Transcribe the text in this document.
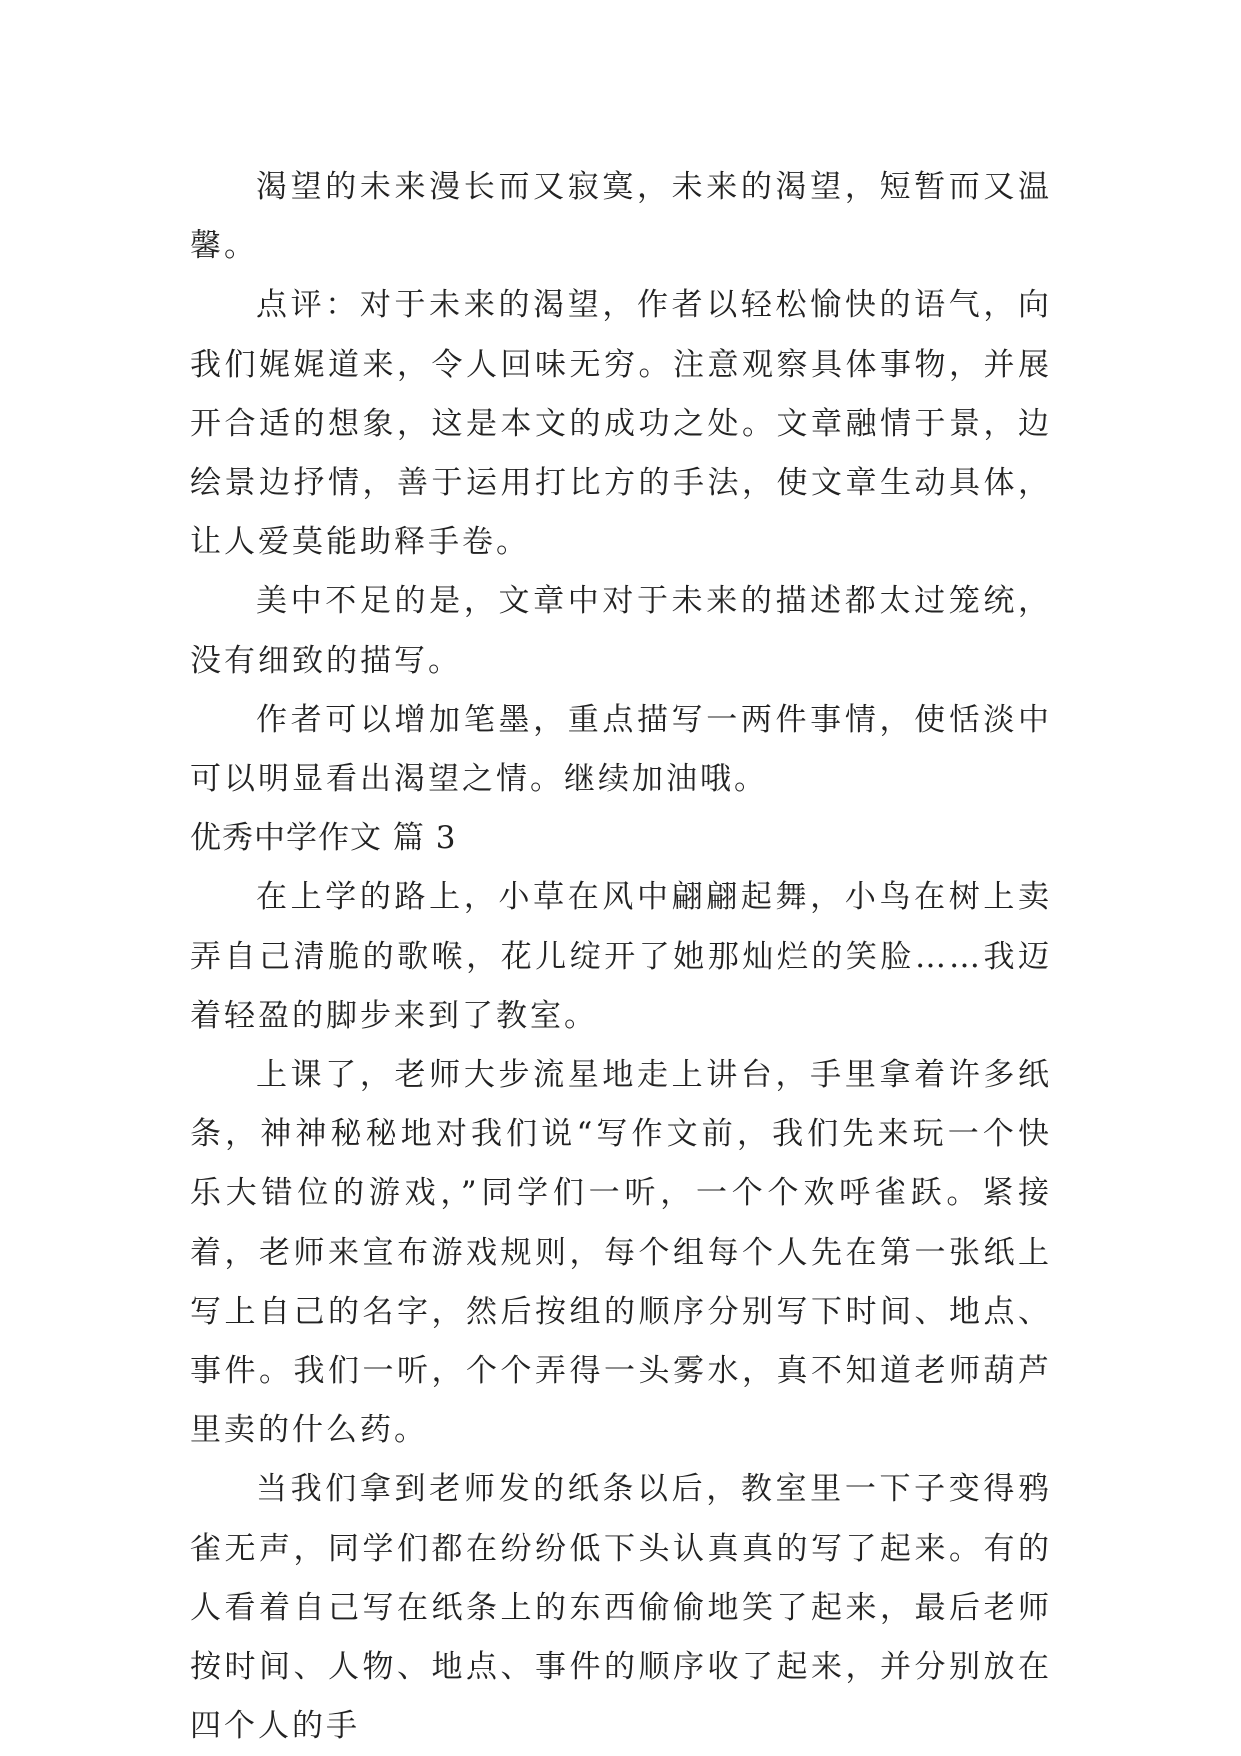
渴望的未来漫长而又寂寞，未来的渴望，短暂而又温馨。

点评：对于未来的渴望，作者以轻松愉快的语气，向我们娓娓道来，令人回味无穷。注意观察具体事物，并展开合适的想象，这是本文的成功之处。文章融情于景，边绘景边抒情，善于运用打比方的手法，使文章生动具体，让人爱莫能助释手卷。

美中不足的是，文章中对于未来的描述都太过笼统，没有细致的描写。

作者可以增加笔墨，重点描写一两件事情，使恬淡中可以明显看出渴望之情。继续加油哦。

优秀中学作文 篇 3

在上学的路上，小草在风中翩翩起舞，小鸟在树上卖弄自己清脆的歌喉，花儿绽开了她那灿烂的笑脸……我迈着轻盈的脚步来到了教室。

上课了，老师大步流星地走上讲台，手里拿着许多纸条，神神秘秘地对我们说“写作文前，我们先来玩一个快乐大错位的游戏，”同学们一听，一个个欢呼雀跃。紧接着，老师来宣布游戏规则，每个组每个人先在第一张纸上写上自己的名字，然后按组的顺序分别写下时间、地点、事件。我们一听，个个弄得一头雾水，真不知道老师葫芦里卖的什么药。

当我们拿到老师发的纸条以后，教室里一下子变得鸦雀无声，同学们都在纷纷低下头认真真的写了起来。有的人看着自己写在纸条上的东西偷偷地笑了起来，最后老师按时间、人物、地点、事件的顺序收了起来，并分别放在四个人的手
